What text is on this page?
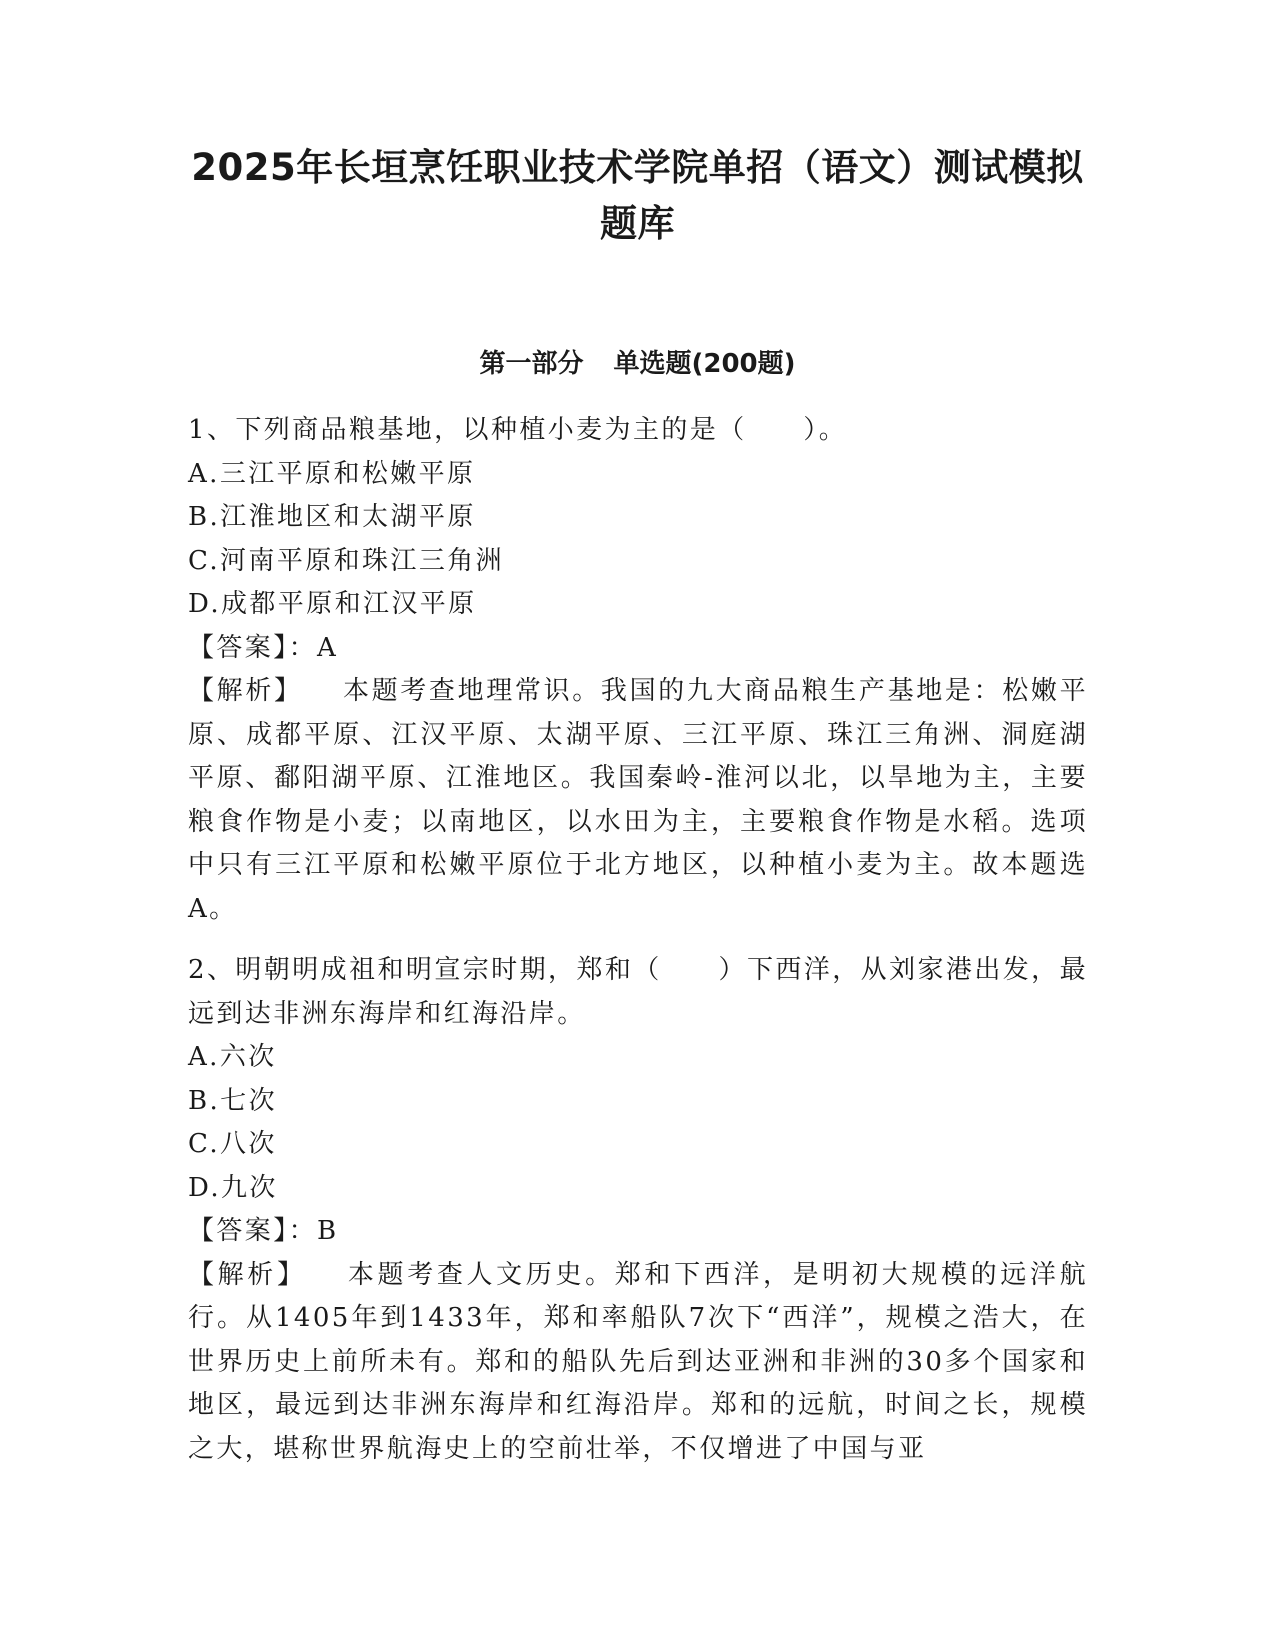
2025年长垣烹饪职业技术学院单招（语文）测试模拟
题库
第一部分 单选题(200题)
1、下列商品粮基地，以种植小麦为主的是（　　）。
A.三江平原和松嫩平原
B.江淮地区和太湖平原
C.河南平原和珠江三角洲
D.成都平原和江汉平原
【答案】：A
【解析】 本题考查地理常识。我国的九大商品粮生产基地是：松嫩平原、成都平原、江汉平原、太湖平原、三江平原、珠江三角洲、洞庭湖平原、鄱阳湖平原、江淮地区。我国秦岭-淮河以北，以旱地为主，主要粮食作物是小麦；以南地区，以水田为主，主要粮食作物是水稻。选项中只有三江平原和松嫩平原位于北方地区，以种植小麦为主。故本题选A。
2、明朝明成祖和明宣宗时期，郑和（　　）下西洋，从刘家港出发，最远到达非洲东海岸和红海沿岸。
A.六次
B.七次
C.八次
D.九次
【答案】：B
【解析】 本题考查人文历史。郑和下西洋，是明初大规模的远洋航行。从1405年到1433年，郑和率船队7次下“西洋”，规模之浩大，在世界历史上前所未有。郑和的船队先后到达亚洲和非洲的30多个国家和地区，最远到达非洲东海岸和红海沿岸。郑和的远航，时间之长，规模之大，堪称世界航海史上的空前壮举，不仅增进了中国与亚
